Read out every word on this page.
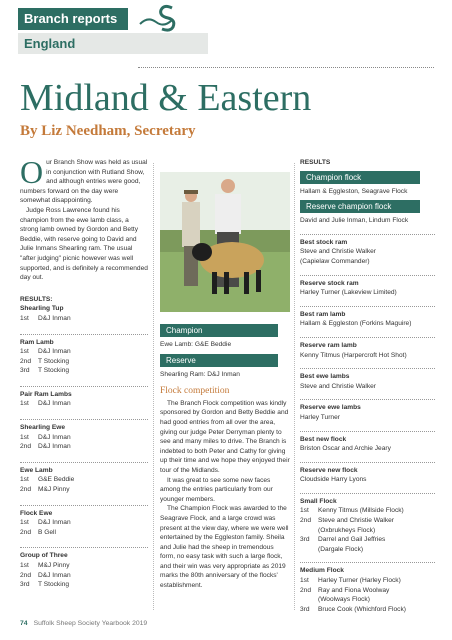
Branch reports
England
Midland & Eastern
By Liz Needham, Secretary
O ur Branch Show was held as usual in conjunction with Rutland Show, and although entries were good, numbers forward on the day were somewhat disappointing.

Judge Ross Lawrence found his champion from the ewe lamb class, a strong lamb owned by Gordon and Betty Beddie, with reserve going to David and Julie Inmans Shearling ram. The usual "after judging" picnic however was well supported, and is definitely a recommended day out.

RESULTS:
Shearling Tup
1st	D&J Inman
Ram Lamb
1st	D&J Inman
2nd	T Stocking
3rd	T Stocking
Pair Ram Lambs
1st	D&J Inman
Shearling Ewe
1st	D&J Inman
2nd	D&J Inman
Ewe Lamb
1st	G&E Beddie
2nd	M&J Pinny
Flock Ewe
1st	D&J Inman
2nd	B Gell
Group of Three
1st	M&J Pinny
2nd	D&J Inman
3rd	T Stocking
Champion
Ewe Lamb: G&E Beddie
Reserve
Shearling Ram: D&J Inman
Flock competition

The Branch Flock competition was kindly sponsored by Gordon and Betty Beddie and had good entries from all over the area, giving our judge Peter Derryman plenty to see and many miles to drive. The Branch is indebted to both Peter and Cathy for giving up their time and we hope they enjoyed their tour of the Midlands.

It was great to see some new faces among the entries particularly from our younger members.

The Champion Flock was awarded to the Seagrave Flock, and a large crowd was present at the view day, where we were well entertained by the Eggleston family. Sheila and Julie had the sheep in tremendous form, no easy task with such a large flock, and their win was very appropriate as 2019 marks the 80th anniversary of the flocks' establishment.

RESULTS
Champion flock
Hallam & Eggleston, Seagrave Flock
Reserve champion flock
David and Julie Inman, Lindum Flock
Best stock ram
Steve and Christie Walker
(Capielaw Commander)
Reserve stock ram
Harley Turner (Lakeview Limited)
Best ram lamb
Hallam & Eggleston (Forkins Maguire)
Reserve ram lamb
Kenny Titmus (Harpercroft Hot Shot)
Best ewe lambs
Steve and Christie Walker
Reserve ewe lambs
Harley Turner
Best new flock
Briston Oscar and Archie Jeary
Reserve new flock
Cloudside Harry Lyons
Small Flock
1st	Kenny Titmus (Millside Flock)
2nd	Steve and Christie Walker
(Oxbrukheys Flock)
3rd	Darrel and Gail Jeffries
(Dargale Flock)
Medium Flock
1st	Harley Turner (Harley Flock)
2nd	Ray and Fiona Woolway
(Woolways Flock)
3rd	Bruce Cook (Whichford Flock)
74 Suffolk Sheep Society Yearbook 2019
